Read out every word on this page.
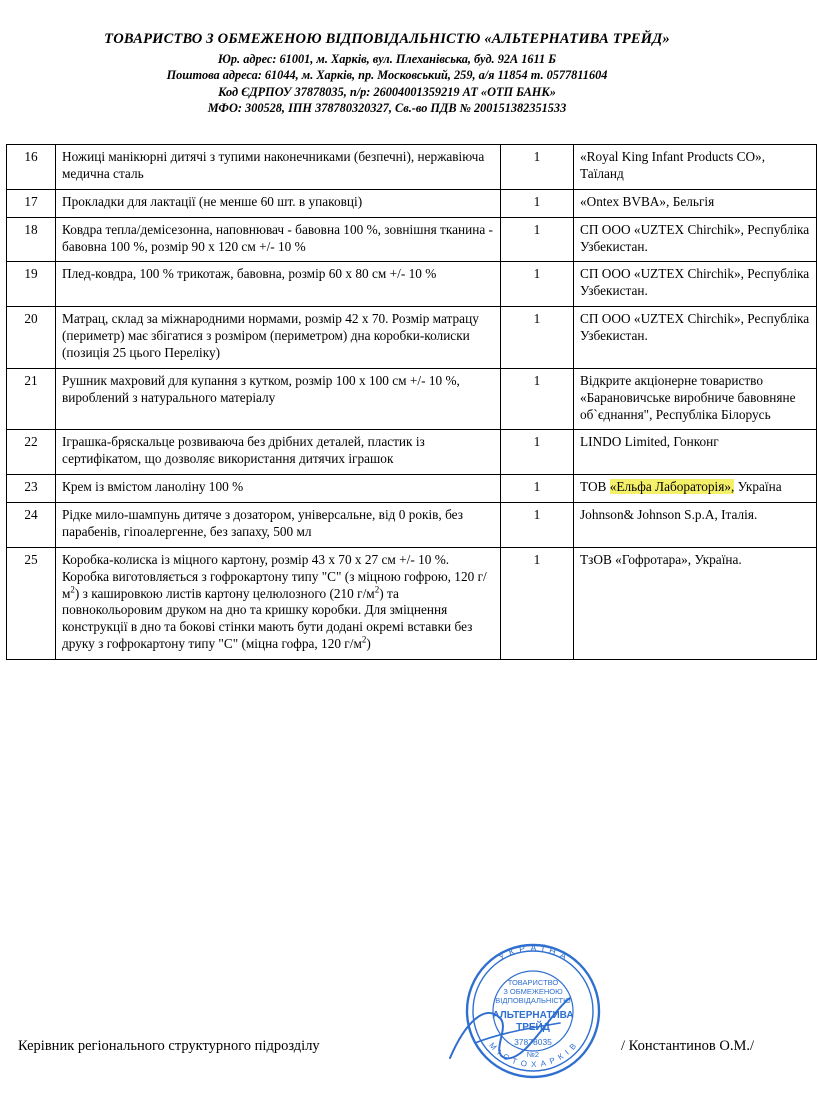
ТОВАРИСТВО З ОБМЕЖЕНОЮ ВІДПОВІДАЛЬНІСТЮ «АЛЬТЕРНАТИВА ТРЕЙД»
Юр. адрес: 61001, м. Харків, вул. Плеханівська, буд. 92А 1611 Б
Поштова адреса: 61044, м. Харків, пр. Московський, 259, а/я 11854 т. 0577811604
Код ЄДРПОУ 37878035, п/р: 26004001359219 АТ «ОТП БАНК»
МФО: 300528, ІПН 378780320327, Св.-во ПДВ № 200151382351533
16	Ножиці манікюрні дитячі з тупими наконечниками (безпечні), нержавіюча медична сталь	1	«Royal King Infant Products CO», Таїланд
17	Прокладки для лактації (не менше 60 шт. в упаковці)	1	«Ontex BVBA», Бельгія
18	Ковдра тепла/демісезонна, наповнювач - бавовна 100 %, зовнішня тканина - бавовна 100 %, розмір 90 х 120 см +/- 10 %	1	СП ООО «UZTEX Chirchik», Республіка Узбекистан.
19	Плед-ковдра, 100 % трикотаж, бавовна, розмір 60 х 80 см +/- 10 %	1	СП ООО «UZTEX Chirchik», Республіка Узбекистан.
20	Матрац, склад за міжнародними нормами, розмір 42 х 70. Розмір матрацу (периметр) має збігатися з розміром (периметром) дна коробки-колиски (позиція 25 цього Переліку)	1	СП ООО «UZTEX Chirchik», Республіка Узбекистан.
21	Рушник махровий для купання з кутком, розмір 100 х 100 см +/- 10 %, вироблений з натурального матеріалу	1	Відкрите акціонерне товариство «Барановичське виробниче бавовняне об`єднання", Республіка Білорусь
22	Іграшка-бряскальце розвиваюча без дрібних деталей, пластик із сертифікатом, що дозволяє використання дитячих іграшок	1	LINDO Limited, Гонконг
23	Крем із вмістом ланоліну 100 %	1	ТОВ «Ельфа Лабораторія», Україна
24	Рідке мило-шампунь дитяче з дозатором, універсальне, від 0 років, без парабенів, гіпоалергенне, без запаху, 500 мл	1	Johnson& Johnson S.p.A, Італія.
25	Коробка-колиска із міцного картону, розмір 43 х 70 х 27 см +/- 10 %. Коробка виготовляється з гофрокартону типу "С" (з міцною гофрою, 120 $г/м^2$) з кашировкою листів картону целюлозного (210 $г/м^2$) та повнокольоровим друком на дно та кришку коробки. Для зміцнення конструкції в дно та бокові стінки мають бути додані окремі вставки без друку з гофрокартону типу "С" (міцна гофра, 120 $г/м^2$)	1	ТзОВ «Гофротара», Україна.
Керівник регіонального структурного підрозділу	/ Константинов О.М./
У К Р А Ї Н А
М І С Т О Х А Р К І В
ТОВАРИСТВО
З ОБМЕЖЕНОЮ
ВІДПОВІДАЛЬНІСТЮ
АЛЬТЕРНАТИВА
ТРЕЙД
37878035
№2
